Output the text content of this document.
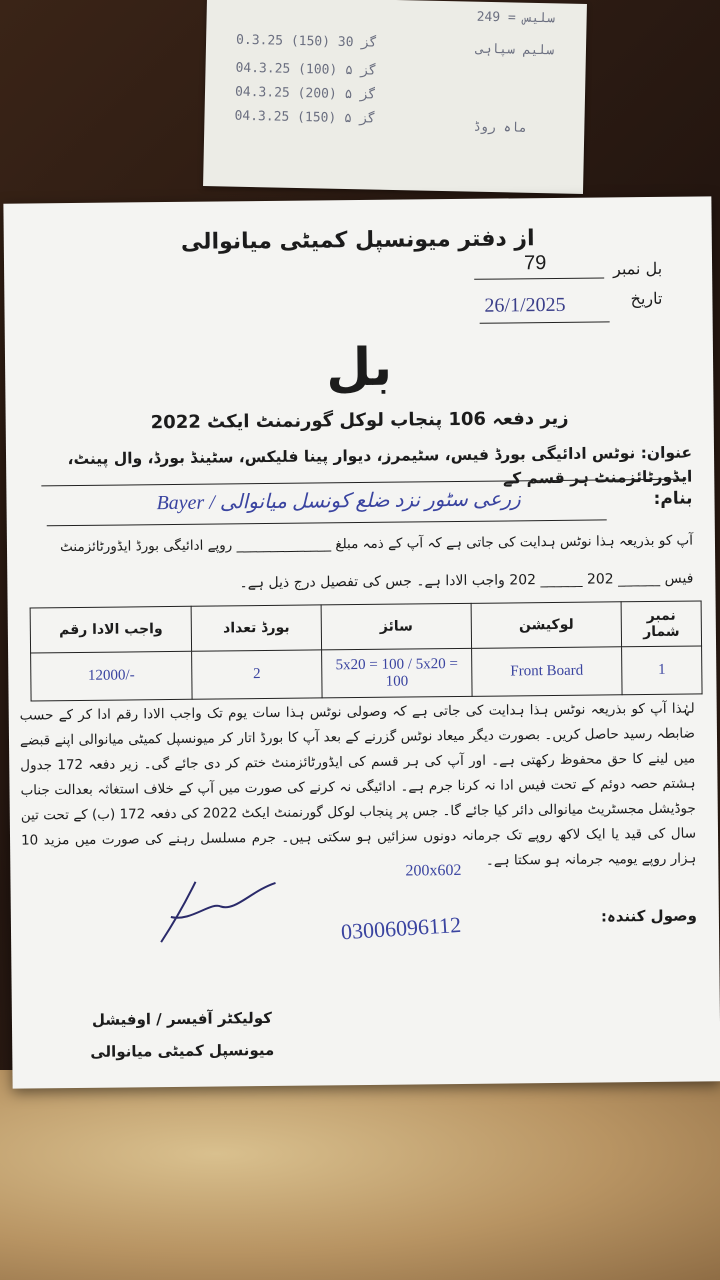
سلیس = 249
0.3.25 (150) 30 گز	سلیم سپاہی
04.3.25 (100) ۵ گز
04.3.25 (200) ۵ گز
04.3.25 (150) ۵ گز
ماہ روڈ
از دفتر میونسپل کمیٹی میانوالی
بل نمبر
79
تاریخ
26/1/2025
بل
زیر دفعہ 106 پنجاب لوکل گورنمنٹ ایکٹ 2022
عنوان: نوٹس ادائیگی بورڈ فیس، سٹیمرز، دیوار پینا فلیکس، سٹینڈ بورڈ، وال پینٹ، ایڈورٹائزمنٹ ہر قسم کے
بنام:
Bayer / زرعی سٹور نزد ضلع کونسل میانوالی
آپ کو بذریعہ ہذا نوٹس ہدایت کی جاتی ہے کہ آپ کے ذمہ مبلغ ______________ روپے ادائیگی بورڈ ایڈورٹائزمنٹ
فیس ______ 202 ______ 202 واجب الادا ہے۔ جس کی تفصیل درج ذیل ہے۔
نمبر شمار	لوکیشن	سائز	بورڈ تعداد	واجب الادا رقم
1	Front Board	5x20 = 100 / 5x20 = 100	2	12000/-
لہٰذا آپ کو بذریعہ نوٹس ہذا ہدایت کی جاتی ہے کہ وصولی نوٹس ہذا سات یوم تک واجب الادا رقم ادا کر کے حسب ضابطہ رسید حاصل کریں۔ بصورت دیگر میعاد نوٹس گزرنے کے بعد آپ کا بورڈ اتار کر میونسپل کمیٹی میانوالی اپنے قبضے میں لینے کا حق محفوظ رکھتی ہے۔ اور آپ کی ہر قسم کی ایڈورٹائزمنٹ ختم کر دی جائے گی۔ زیر دفعہ 172 جدول ہشتم حصہ دوئم کے تحت فیس ادا نہ کرنا جرم ہے۔ ادائیگی نہ کرنے کی صورت میں آپ کے خلاف استغاثہ بعدالت جناب جوڈیشل مجسٹریٹ میانوالی دائر کیا جائے گا۔ جس پر پنجاب لوکل گورنمنٹ ایکٹ 2022 کی دفعہ 172 (ب) کے تحت تین سال کی قید یا ایک لاکھ روپے تک جرمانہ دونوں سزائیں ہو سکتی ہیں۔ جرم مسلسل رہنے کی صورت میں مزید 10 ہزار روپے یومیہ جرمانہ ہو سکتا ہے۔
200x602
03006096112	وصول کنندہ:
کولیکٹر آفیسر / اوفیشل
میونسپل کمیٹی میانوالی
